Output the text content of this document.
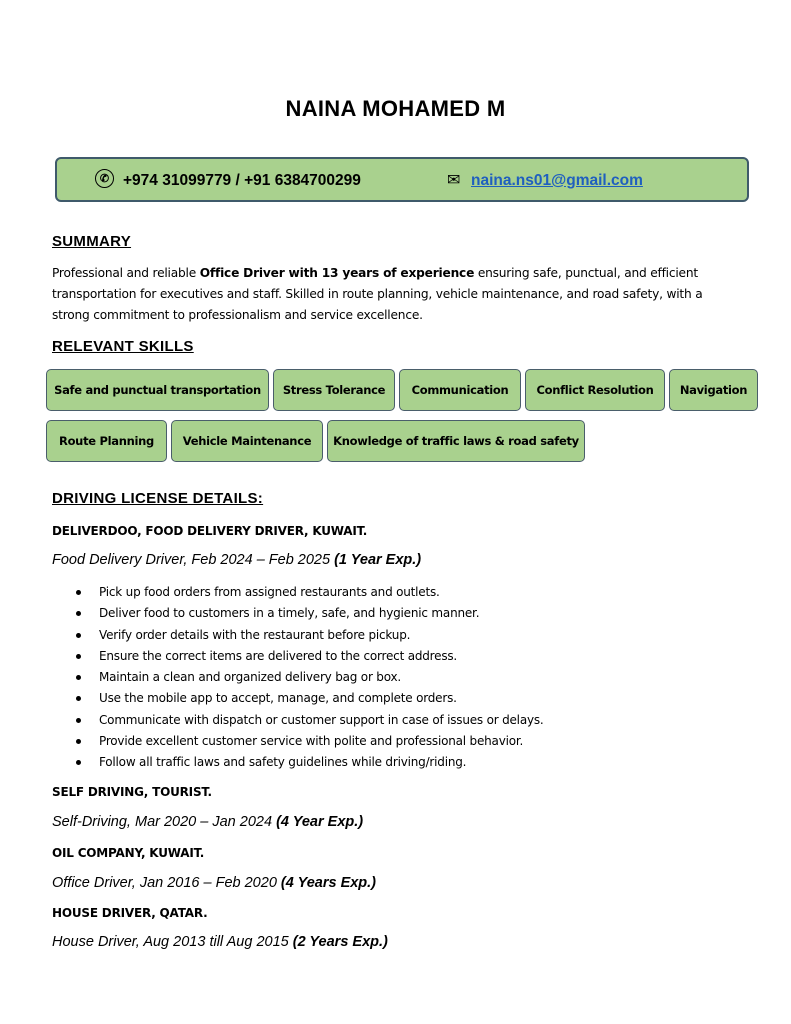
NAINA MOHAMED M
✆ +974 31099779 / +91 6384700299	✉ naina.ns01@gmail.com
SUMMARY

Professional and reliable Office Driver with 13 years of experience ensuring safe, punctual, and efficient transportation for executives and staff. Skilled in route planning, vehicle maintenance, and road safety, with a strong commitment to professionalism and service excellence.

RELEVANT SKILLS
Safe and punctual transportation	Stress Tolerance	Communication	Conflict Resolution	Navigation
Route Planning	Vehicle Maintenance	Knowledge of traffic laws & road safety
DRIVING LICENSE DETAILS:
DELIVERDOO, FOOD DELIVERY DRIVER, KUWAIT.
Food Delivery Driver, Feb 2024 – Feb 2025 (1 Year Exp.)
Pick up food orders from assigned restaurants and outlets.
Deliver food to customers in a timely, safe, and hygienic manner.
Verify order details with the restaurant before pickup.
Ensure the correct items are delivered to the correct address.
Maintain a clean and organized delivery bag or box.
Use the mobile app to accept, manage, and complete orders.
Communicate with dispatch or customer support in case of issues or delays.
Provide excellent customer service with polite and professional behavior.
Follow all traffic laws and safety guidelines while driving/riding.
SELF DRIVING, TOURIST.
Self-Driving, Mar 2020 – Jan 2024 (4 Year Exp.)
OIL COMPANY, KUWAIT.
Office Driver, Jan 2016 – Feb 2020 (4 Years Exp.)
HOUSE DRIVER, QATAR.
House Driver, Aug 2013 till Aug 2015 (2 Years Exp.)
